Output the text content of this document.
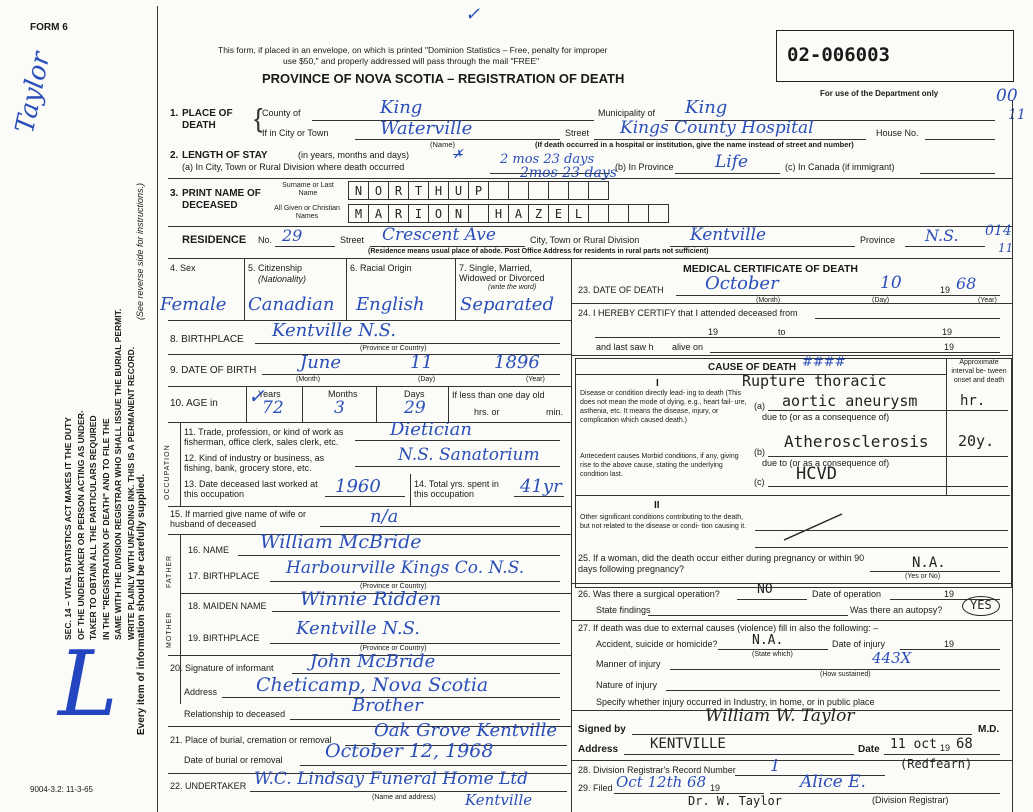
FORM 6
Taylor
✓
This form, if placed in an envelope, on which is printed "Dominion Statistics – Free, penalty for improper
use $50," and properly addressed will pass through the mail "FREE"
PROVINCE OF NOVA SCOTIA – REGISTRATION OF DEATH
02-006003
For use of the Department only	00
11
SEC. 14 – VITAL STATISTICS ACT MAKES IT THE DUTY OF THE UNDERTAKER OR PERSON ACTING AS UNDER- TAKER TO OBTAIN ALL THE PARTICULARS REQUIRED IN THE "REGISTRATION OF DEATH" AND TO FILE THE SAME WITH THE DIVISION REGISTRAR WHO SHALL ISSUE THE BURIAL PERMIT. WRITE PLAINLY WITH UNFADING INK. THIS IS A PERMANENT RECORD. Every item of information should be carefully supplied.
(See reverse side for instructions.)
L
9004-3.2: 11-3-65
1. PLACE OF DEATH	{ County of	King	Municipality of King
If in City or Town	Waterville	Street Kings County Hospital	House No.
(Name)	(If death occurred in a hospital or institution, give the name instead of street and number)
2. LENGTH OF STAY	(in years, months and days)
(a) In City, Town or Rural Division where death occurred	2 mos 23 days
2mos 23 days
✗
(b) In Province Life	(c) In Canada (if immigrant)
3. PRINT NAME OF DECEASED
Surname or Last Name
All Given or Christian Names
N	O	R	T	H	U	P
M	A	R	I	O	N	H	A	Z	E	L
RESIDENCE No. 29	Street Crescent Ave	City, Town or Rural Division	Kentville	Province N.S. 014
11
(Residence means usual place of abode. Post Office Address for residents in rural parts not sufficient)
4. Sex	5. Citizenship
(Nationality)
6. Racial Origin	7. Single, Married, Widowed or Divorced
(write the word)
Female Canadian English Separated
8. BIRTHPLACE Kentville N.S.
(Province or Country)
9. DATE OF BIRTH June	11	1896
(Month)	(Day)	(Year)
10. AGE in
Years	Months	Days
✓
72	3	29
If less than one day old
hrs. or	min.
OCCUPATION
11. Trade, profession, or kind of work as fisherman, office clerk, sales clerk, etc.
Dietician
12. Kind of industry or business, as fishing, bank, grocery store, etc.
N.S. Sanatorium
13. Date deceased last worked at this occupation	1960	14. Total yrs. spent in this occupation	41yr
15. If married give name of wife or husband of deceased	n/a
FATHER
16. NAME William McBride
17. BIRTHPLACE Harbourville Kings Co. N.S.
(Province or Country)
MOTHER
18. MAIDEN NAME Winnie Ridden
19. BIRTHPLACE Kentville N.S.
(Province or Country)
20. Signature of informant John McBride
Address Cheticamp, Nova Scotia
Relationship to deceased	Brother
21. Place of burial, cremation or removal Oak Grove Kentville
Date of burial or removal October 12, 1968
22. UNDERTAKER W.C. Lindsay Funeral Home Ltd
Kentville
(Name and address)
MEDICAL CERTIFICATE OF DEATH
23. DATE OF DEATH October	10	19 68
(Month)	(Day)	(Year)
24. I HEREBY CERTIFY that I attended deceased from
19	to	19
and last saw h alive on	19
CAUSE OF DEATH ####	Approximate interval be- tween onset and death
I
Disease or condition directly lead- ing to death (This does not mean the mode of dying, e.g., heart fail- ure, asthenia, etc. It means the disease, injury, or complication which caused death.)
Rupture thoracic
(a) aortic aneurysm	hr.
due to (or as a consequence of)
Antecedent causes Morbid conditions, if any, giving rise to the above cause, stating the underlying condition last.
(b)
Atherosclerosis 20y.
due to (or as a consequence of)
(c) HCVD
II
Other significant conditions contributing to the death, but not related to the disease or condi- tion causing it.
25. If a woman, did the death occur either during pregnancy or within 90 days following pregnancy?	N.A.
(Yes or No)
26. Was there a surgical operation?	NO	Date of operation	19
State findings	Was there an autopsy? YES
27. If death was due to external causes (violence) fill in also the following: –
Accident, suicide or homicide?	N.A.
(State which)
Date of injury	19
Manner of injury	443X
(How sustained)
Nature of injury
Specify whether injury occurred in Industry, in home, or in public place
Signed by
William W. Taylor
M.D.
Address KENTVILLE	Date 11 oct 19 68
28. Division Registrar's Record Number 1	(Redfearn)
29. Filed Oct 12th 68 19	Alice E.
(Division Registrar)
Dr. W. Taylor
